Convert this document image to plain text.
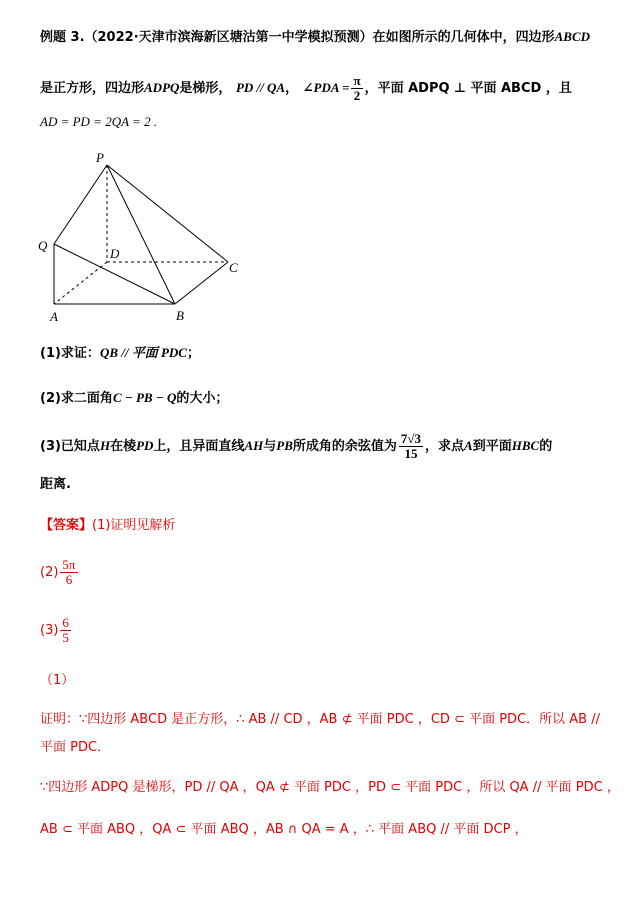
例题 3.（2022·天津市滨海新区塘沽第一中学模拟预测）在如图所示的几何体中，四边形ABCD
是正方形，四边形ADPQ是梯形， PD // QA， ∠PDA = $\frac{\pi}{2}$ ，平面 ADPQ ⊥ 平面 ABCD ，且
AD = PD = 2QA = 2 .
P
Q
D
C
A	B
(1)求证：QB // 平面 PDC；
(2)求二面角C − PB − Q的大小；
(3)已知点H在棱PD上，且异面直线AH与PB所成角的余弦值为 $\frac{7√3}{15}$ ，求点A到平面HBC的
距离.
【答案】(1)证明见解析
$(2) \frac{5\pi}{6}$
$(3) \frac{6}{5}$
（1）
证明：∵四边形 ABCD 是正方形，∴ AB // CD ，AB ⊄ 平面 PDC ，CD ⊂ 平面 PDC．所以 AB //
平面 PDC．
∵四边形 ADPQ 是梯形，PD // QA ，QA ⊄ 平面 PDC ，PD ⊂ 平面 PDC ，所以 QA // 平面 PDC ，
AB ⊂ 平面 ABQ ，QA ⊂ 平面 ABQ ，AB ∩ QA = A ，∴ 平面 ABQ // 平面 DCP ，
